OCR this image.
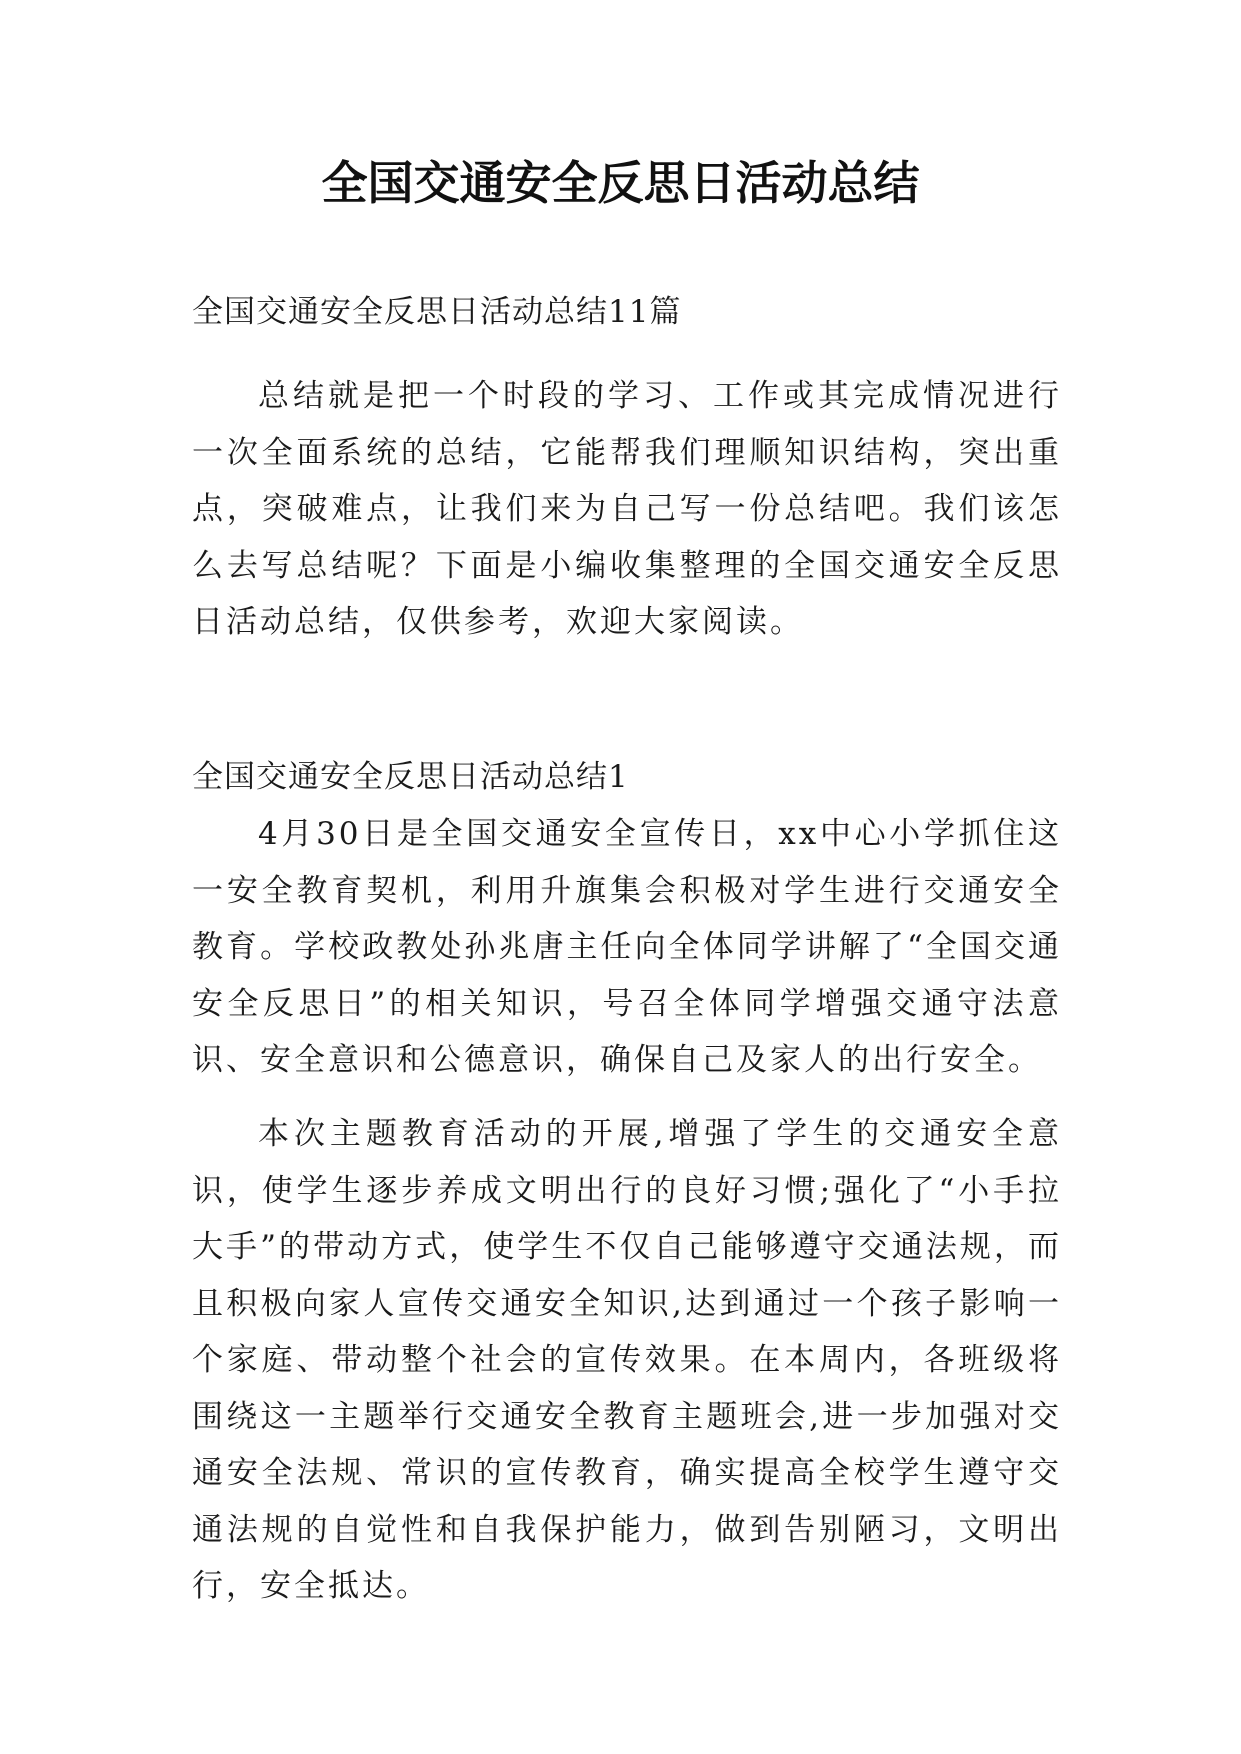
全国交通安全反思日活动总结
全国交通安全反思日活动总结11篇

总结就是把一个时段的学习、工作或其完成情况进行一次全面系统的总结，它能帮我们理顺知识结构，突出重点，突破难点，让我们来为自己写一份总结吧。我们该怎么去写总结呢？下面是小编收集整理的全国交通安全反思日活动总结，仅供参考，欢迎大家阅读。

全国交通安全反思日活动总结1

4月30日是全国交通安全宣传日，xx中心小学抓住这一安全教育契机，利用升旗集会积极对学生进行交通安全教育。学校政教处孙兆唐主任向全体同学讲解了“全国交通安全反思日”的相关知识，号召全体同学增强交通守法意识、安全意识和公德意识，确保自己及家人的出行安全。

本次主题教育活动的开展,增强了学生的交通安全意识，使学生逐步养成文明出行的良好习惯;强化了“小手拉大手”的带动方式，使学生不仅自己能够遵守交通法规，而且积极向家人宣传交通安全知识,达到通过一个孩子影响一个家庭、带动整个社会的宣传效果。在本周内，各班级将围绕这一主题举行交通安全教育主题班会,进一步加强对交通安全法规、常识的宣传教育，确实提高全校学生遵守交通法规的自觉性和自我保护能力，做到告别陋习，文明出行，安全抵达。
